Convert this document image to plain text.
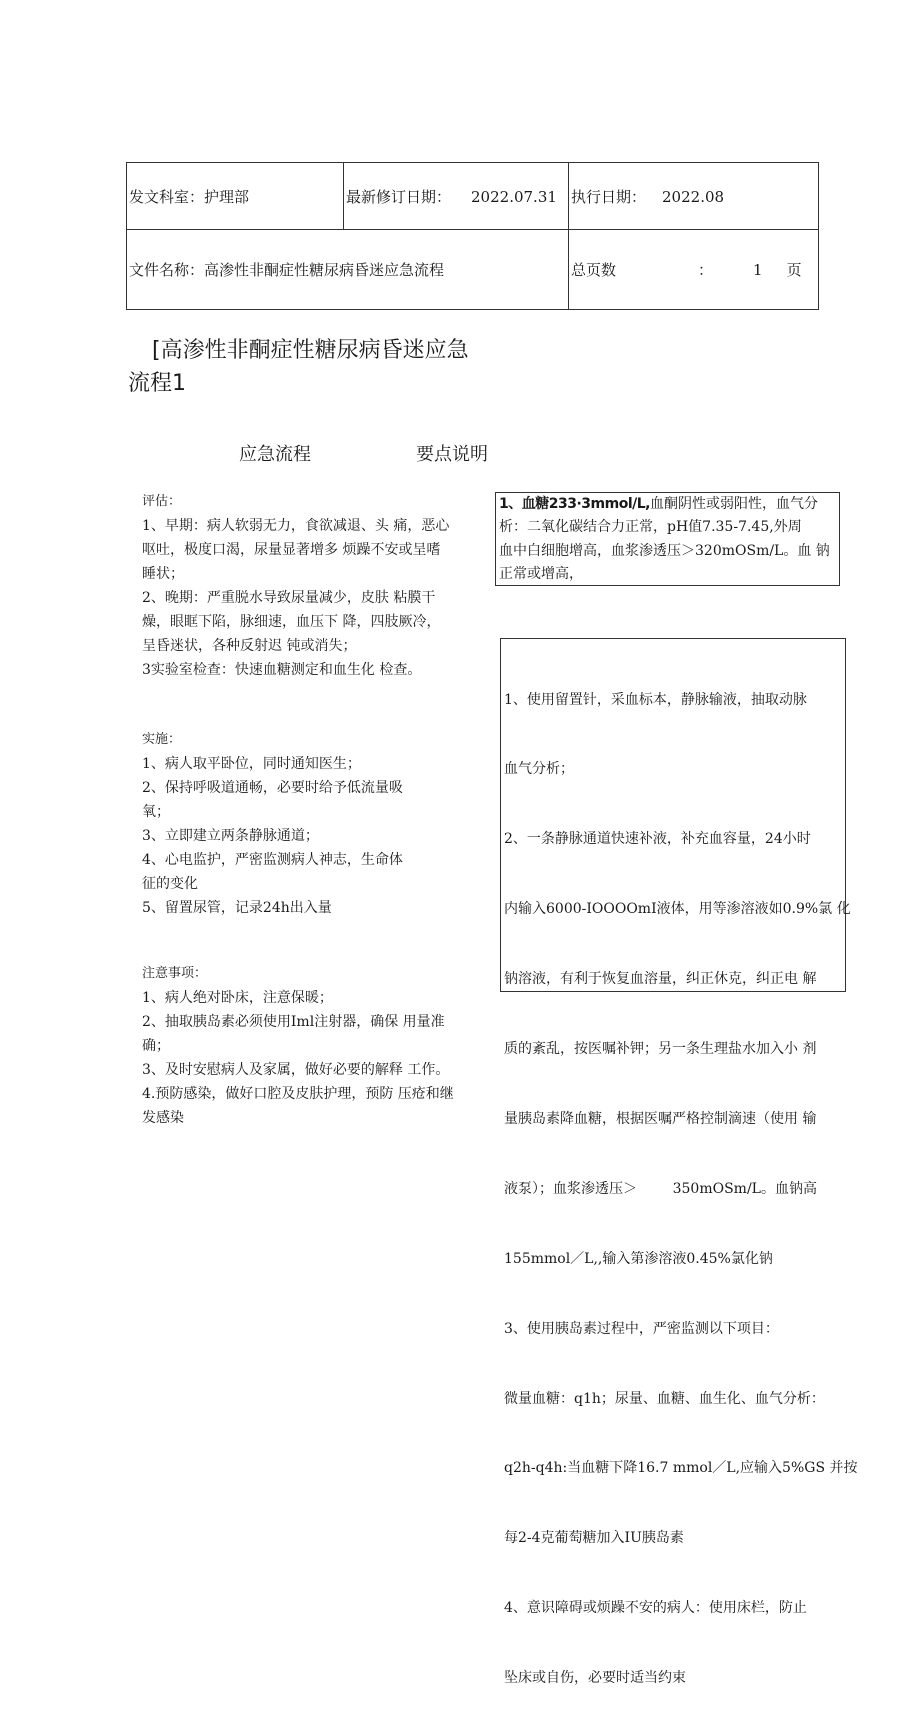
发文科室：护理部	最新修订日期： 2022.07.31	执行日期： 2022.08
文件名称：高渗性非酮症性糖尿病昏迷应急流程		总页数 ： 1 页
[高渗性非酮症性糖尿病昏迷应急
流程1
应急流程	要点说明

评估：

1、早期：病人软弱无力，食欲减退、头 痛，恶心

呕吐，极度口渴，尿量显著增多 烦躁不安或呈嗜

睡状；

2、晚期：严重脱水导致尿量减少，皮肤 粘膜干

燥，眼眶下陷，脉细速，血压下 降，四肢厥冷，

呈昏迷状，各种反射迟 钝或消失；

3实验室检查：快速血糖测定和血生化 检查。

实施：

1、病人取平卧位，同时通知医生；

2、保持呼吸道通畅，必要时给予低流量吸

氧；

3、立即建立两条静脉通道；

4、心电监护，严密监测病人神志，生命体

征的变化

5、留置尿管，记录24h出入量

注意事项：

1、病人绝对卧床，注意保暖；

2、抽取胰岛素必须使用Iml注射器，确保 用量准

确；

3、及时安慰病人及家属，做好必要的解释 工作。

4.预防感染，做好口腔及皮肤护理，预防 压疮和继

发感染

1、血糖233·3mmol/L,血酮阴性或弱阳性，血气分

析：二氧化碳结合力正常，pH值7.35-7.45,外周

血中白细胞增高，血浆渗透压＞320mOSm/L。血 钠

正常或增高，

1、使用留置针，采血标本，静脉输液，抽取动脉

血气分析；

2、一条静脉通道快速补液，补充血容量，24小时

内输入6000-IOOOOmI液体，用等渗溶液如0.9%氯 化

钠溶液，有利于恢复血溶量，纠正休克，纠正电 解

质的紊乱，按医嘱补钾；另一条生理盐水加入小 剂

量胰岛素降血糖，根据医嘱严格控制滴速（使用 输

液泵）；血浆渗透压＞        350mOSm/L。血钠高

155mmol／L,,输入第渗溶液0.45%氯化钠

3、使用胰岛素过程中，严密监测以下项目：

微量血糖：q1h；尿量、血糖、血生化、血气分析：

q2h-q4h:当血糖下降16.7 mmol／L,应输入5%GS 并按

每2-4克葡萄糖加入IU胰岛素

4、意识障碍或烦躁不安的病人：使用床栏，防止

坠床或自伤，必要时适当约束
